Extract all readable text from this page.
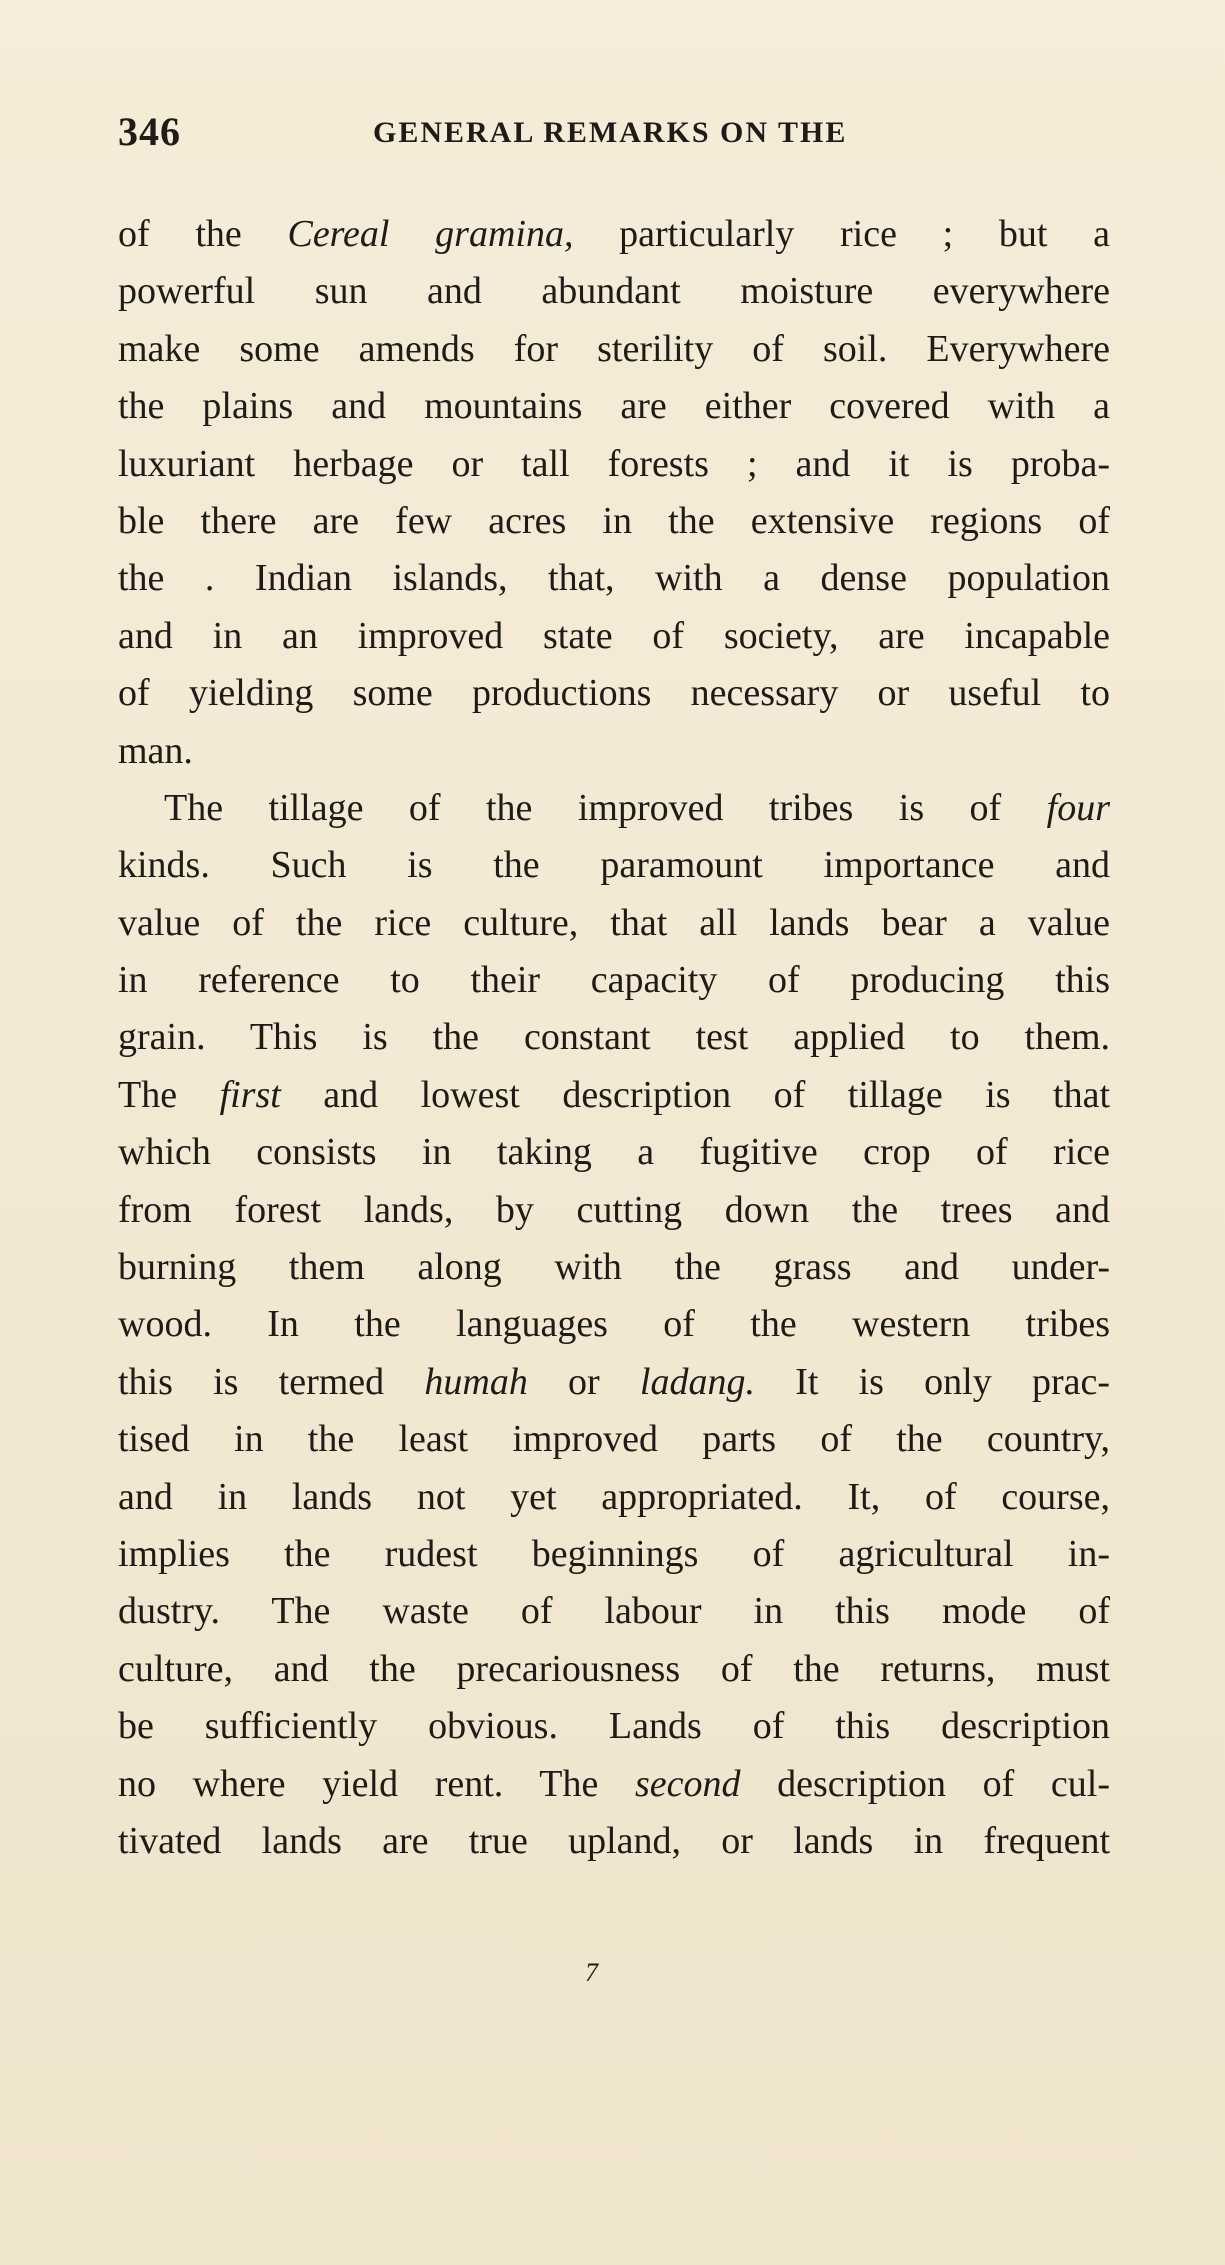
346	GENERAL REMARKS ON THE
of the Cereal gramina, particularly rice ; but a
powerful sun and abundant moisture everywhere
make some amends for sterility of soil. Everywhere
the plains and mountains are either covered with a
luxuriant herbage or tall forests ; and it is proba-
ble there are few acres in the extensive regions of
the . Indian islands, that, with a dense population
and in an improved state of society, are incapable
of yielding some productions necessary or useful to
man.
The tillage of the improved tribes is of four
kinds. Such is the paramount importance and
value of the rice culture, that all lands bear a value
in reference to their capacity of producing this
grain. This is the constant test applied to them.
The first and lowest description of tillage is that
which consists in taking a fugitive crop of rice
from forest lands, by cutting down the trees and
burning them along with the grass and under-
wood. In the languages of the western tribes
this is termed humah or ladang. It is only prac-
tised in the least improved parts of the country,
and in lands not yet appropriated. It, of course,
implies the rudest beginnings of agricultural in-
dustry. The waste of labour in this mode of
culture, and the precariousness of the returns, must
be sufficiently obvious. Lands of this description
no where yield rent. The second description of cul-
tivated lands are true upland, or lands in frequent
7
